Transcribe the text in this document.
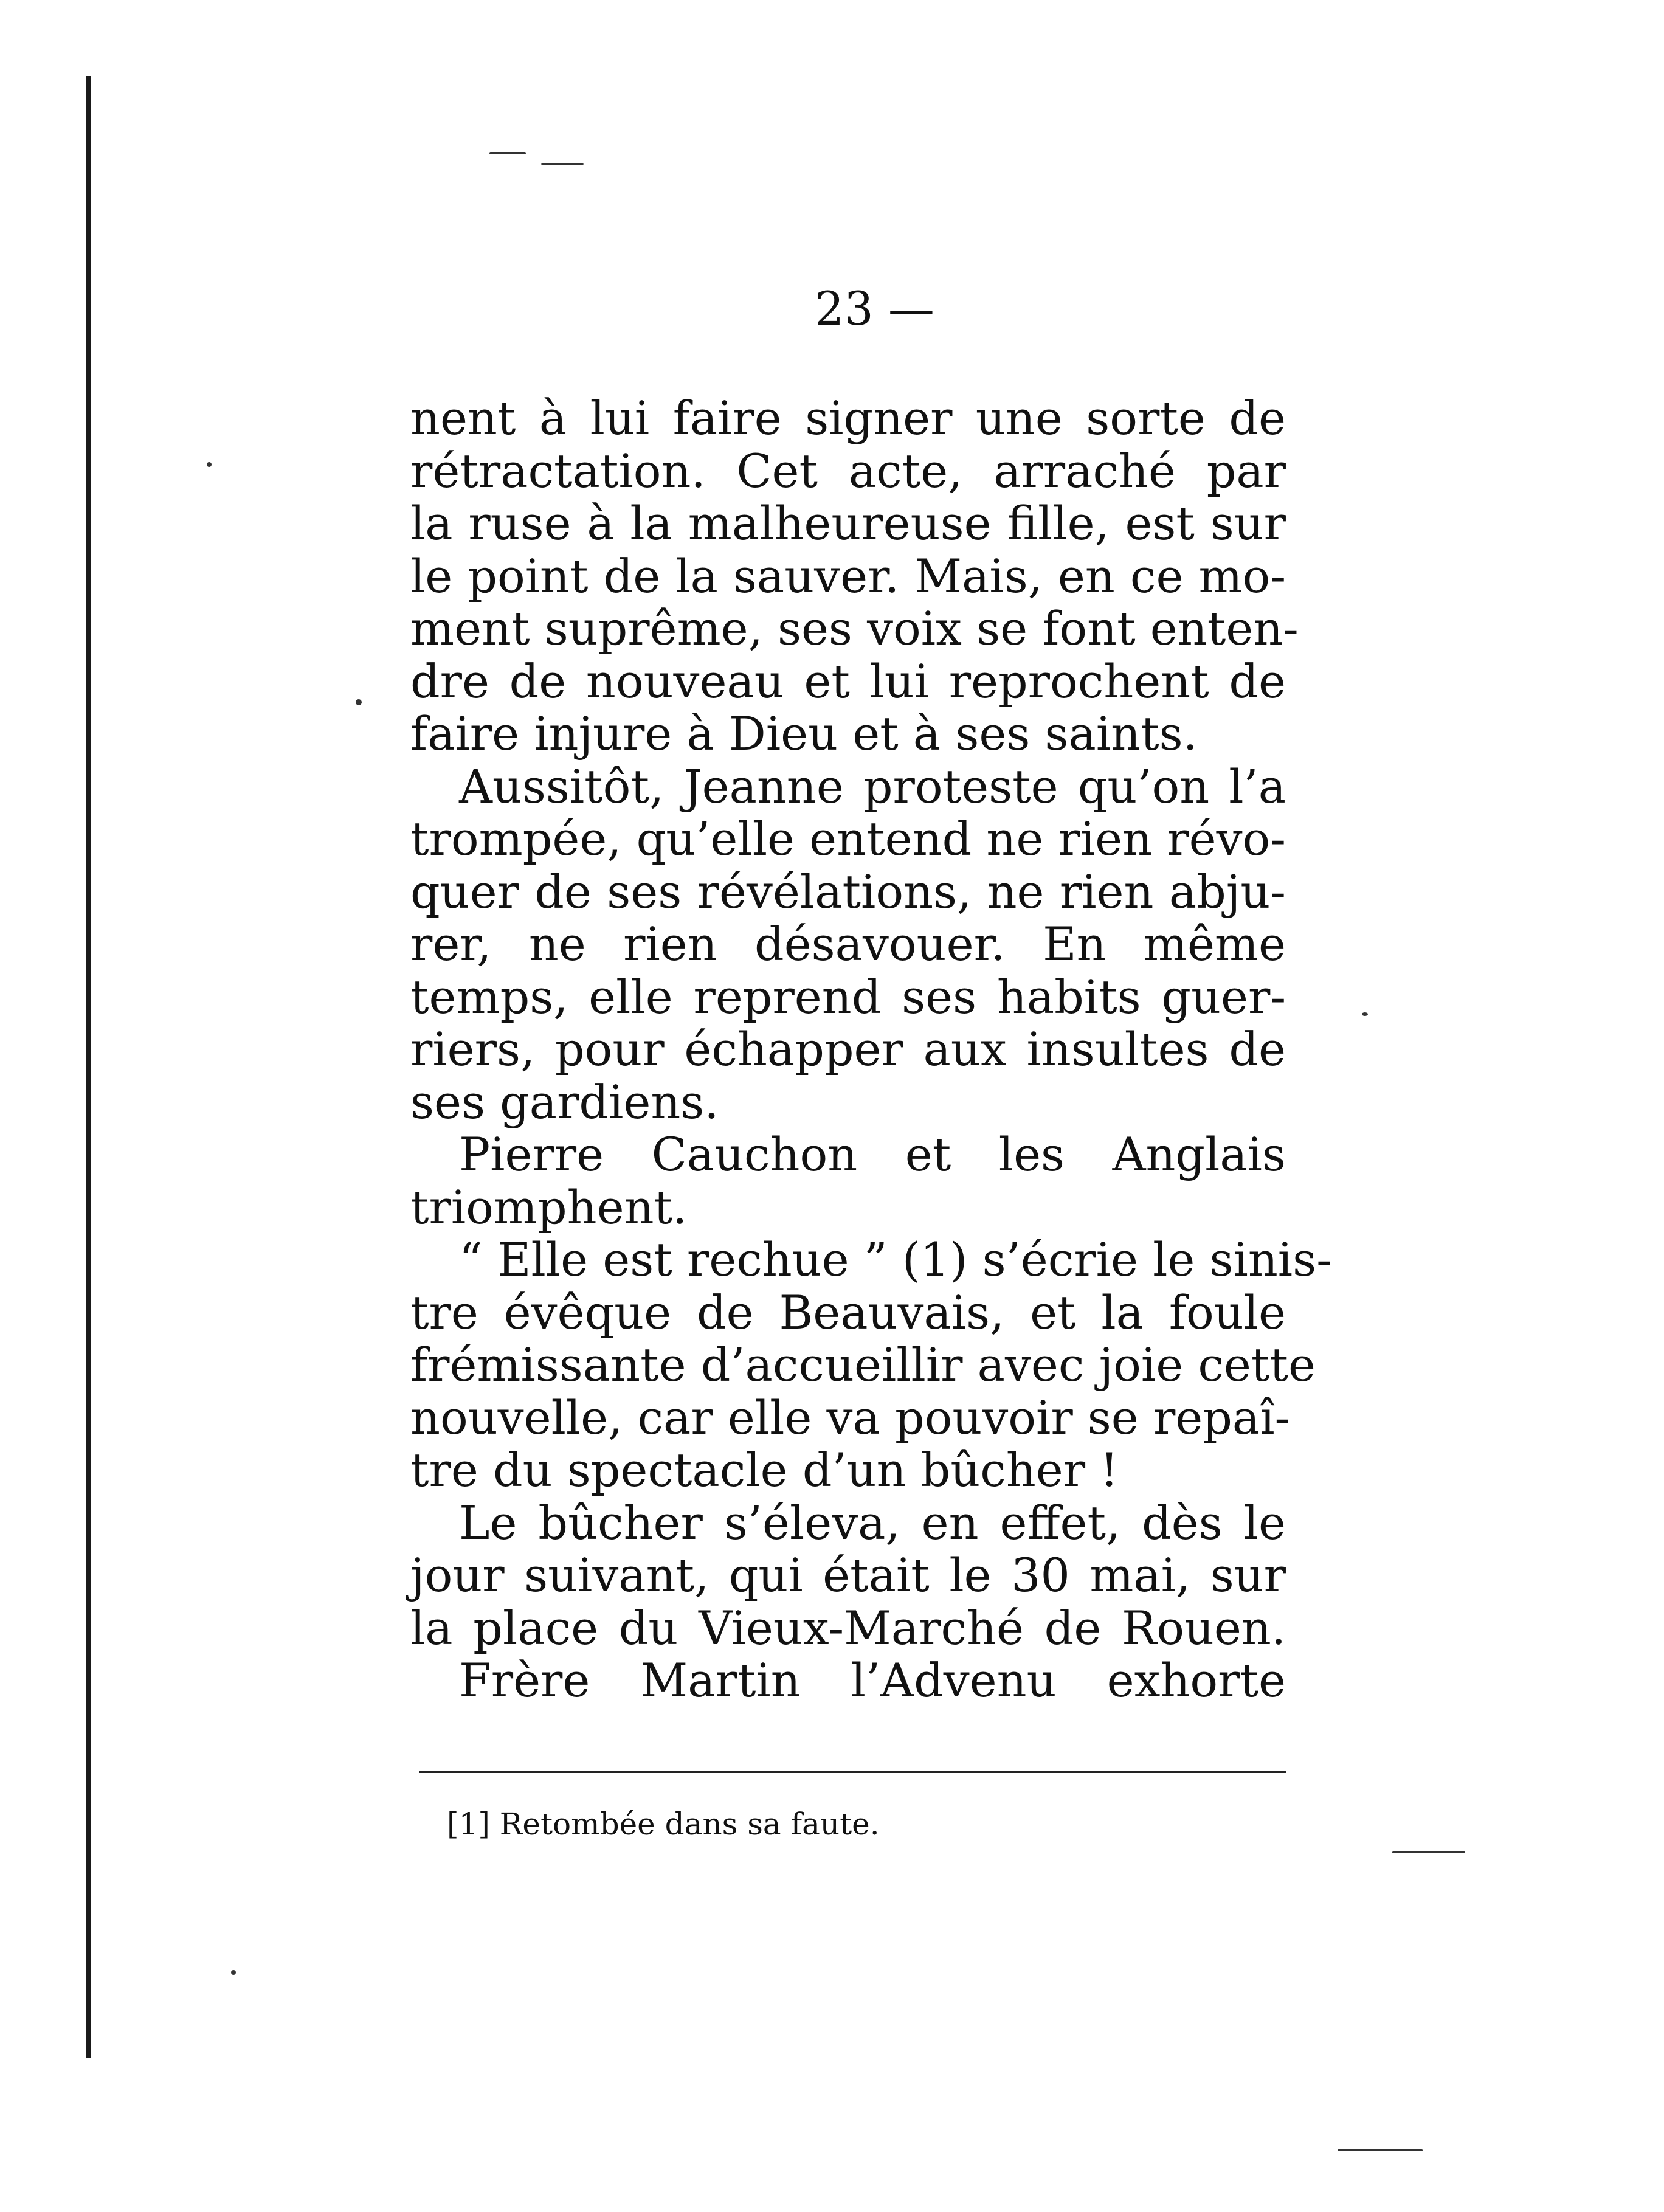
23 —
nent à lui faire signer une sorte de
rétractation. Cet acte, arraché par
la ruse à la malheureuse fille, est sur
le point de la sauver. Mais, en ce mo-
ment suprême, ses voix se font enten-
dre de nouveau et lui reprochent de
faire injure à Dieu et à ses saints.
Aussitôt, Jeanne proteste qu’on l’a
trompée, qu’elle entend ne rien révo-
quer de ses révélations, ne rien abju-
rer, ne rien désavouer. En même
temps, elle reprend ses habits guer-
riers, pour échapper aux insultes de
ses gardiens.
Pierre Cauchon et les Anglais
triomphent.
“ Elle est rechue ” (1) s’écrie le sinis-
tre évêque de Beauvais, et la foule
frémissante d’accueillir avec joie cette
nouvelle, car elle va pouvoir se repaî-
tre du spectacle d’un bûcher !
Le bûcher s’éleva, en effet, dès le
jour suivant, qui était le 30 mai, sur
la place du Vieux-Marché de Rouen.
Frère Martin l’Advenu exhorte
[1] Retombée dans sa faute.
